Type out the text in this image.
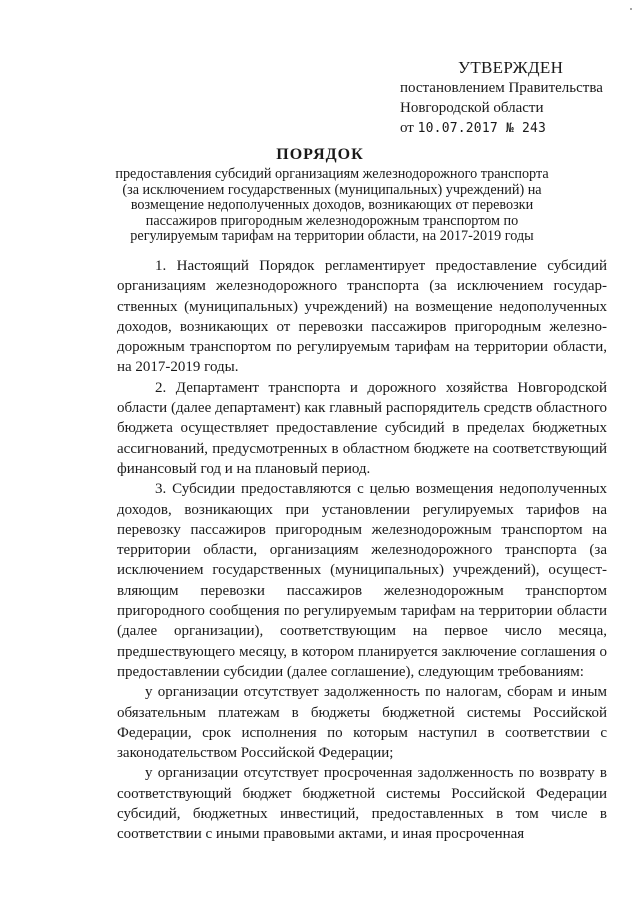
УТВЕРЖДЕН
постановлением Правительства
Новгородской области
от 10.07.2017 № 243
ПОРЯДОК
предоставления субсидий организациям железнодорожного транспорта
(за исключением государственных (муниципальных) учреждений) на
возмещение недополученных доходов, возникающих от перевозки
пассажиров пригородным железнодорожным транспортом по
регулируемым тарифам на территории области, на 2017-2019 годы

1. Настоящий Порядок регламентирует предоставление субсидий организациям железнодорожного транспорта (за исключением государственных (муниципальных) учреждений) на возмещение недополученных доходов, возникающих от перевозки пассажиров пригородным железнодорожным транспортом по регулируемым тарифам на территории области, на 2017-2019 годы.

2. Департамент транспорта и дорожного хозяйства Новгородской области (далее департамент) как главный распорядитель средств областного бюджета осуществляет предоставление субсидий в пределах бюджетных ассигнований, предусмотренных в областном бюджете на соответствующий финансовый год и на плановый период.

3. Субсидии предоставляются с целью возмещения недополученных доходов, возникающих при установлении регулируемых тарифов на перевозку пассажиров пригородным железнодорожным транспортом на территории области, организациям железнодорожного транспорта (за исключением государственных (муниципальных) учреждений), осуществляющим перевозки пассажиров железнодорожным транспортом пригородного сообщения по регулируемым тарифам на территории области (далее организации), соответствующим на первое число месяца, предшествующего месяцу, в котором планируется заключение соглашения о предоставлении субсидии (далее соглашение), следующим требованиям:

у организации отсутствует задолженность по налогам, сборам и иным обязательным платежам в бюджеты бюджетной системы Российской Федерации, срок исполнения по которым наступил в соответствии с законодательством Российской Федерации;

у организации отсутствует просроченная задолженность по возврату в соответствующий бюджет бюджетной системы Российской Федерации субсидий, бюджетных инвестиций, предоставленных в том числе в соответствии с иными правовыми актами, и иная просроченная
